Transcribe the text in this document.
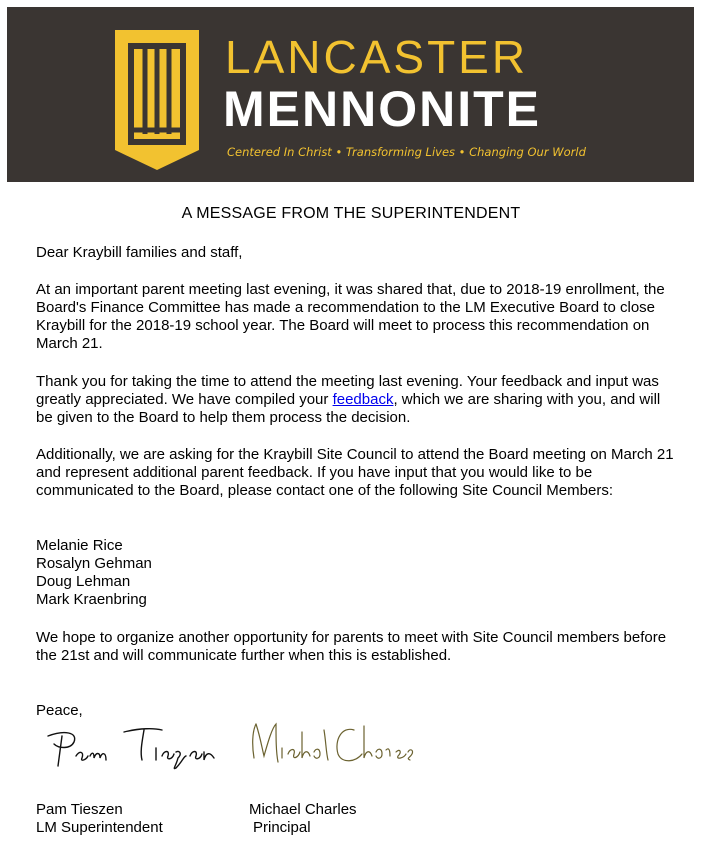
LANCASTER
MENNONITE
Centered In Christ • Transforming Lives • Changing Our World
A MESSAGE FROM THE SUPERINTENDENT
Dear Kraybill families and staff,
At an important parent meeting last evening, it was shared that, due to 2018-19 enrollment, the Board's Finance Committee has made a recommendation to the LM Executive Board to close Kraybill for the 2018-19 school year. The Board will meet to process this recommendation on March 21.
Thank you for taking the time to attend the meeting last evening. Your feedback and input was greatly appreciated. We have compiled your feedback, which we are sharing with you, and will be given to the Board to help them process the decision.
Additionally, we are asking for the Kraybill Site Council to attend the Board meeting on March 21 and represent additional parent feedback. If you have input that you would like to be communicated to the Board, please contact one of the following Site Council Members:
Melanie Rice
Rosalyn Gehman
Doug Lehman
Mark Kraenbring
We hope to organize another opportunity for parents to meet with Site Council members before the 21st and will communicate further when this is established.
Peace,
Pam Tieszen
LM Superintendent
Michael Charles
Principal
